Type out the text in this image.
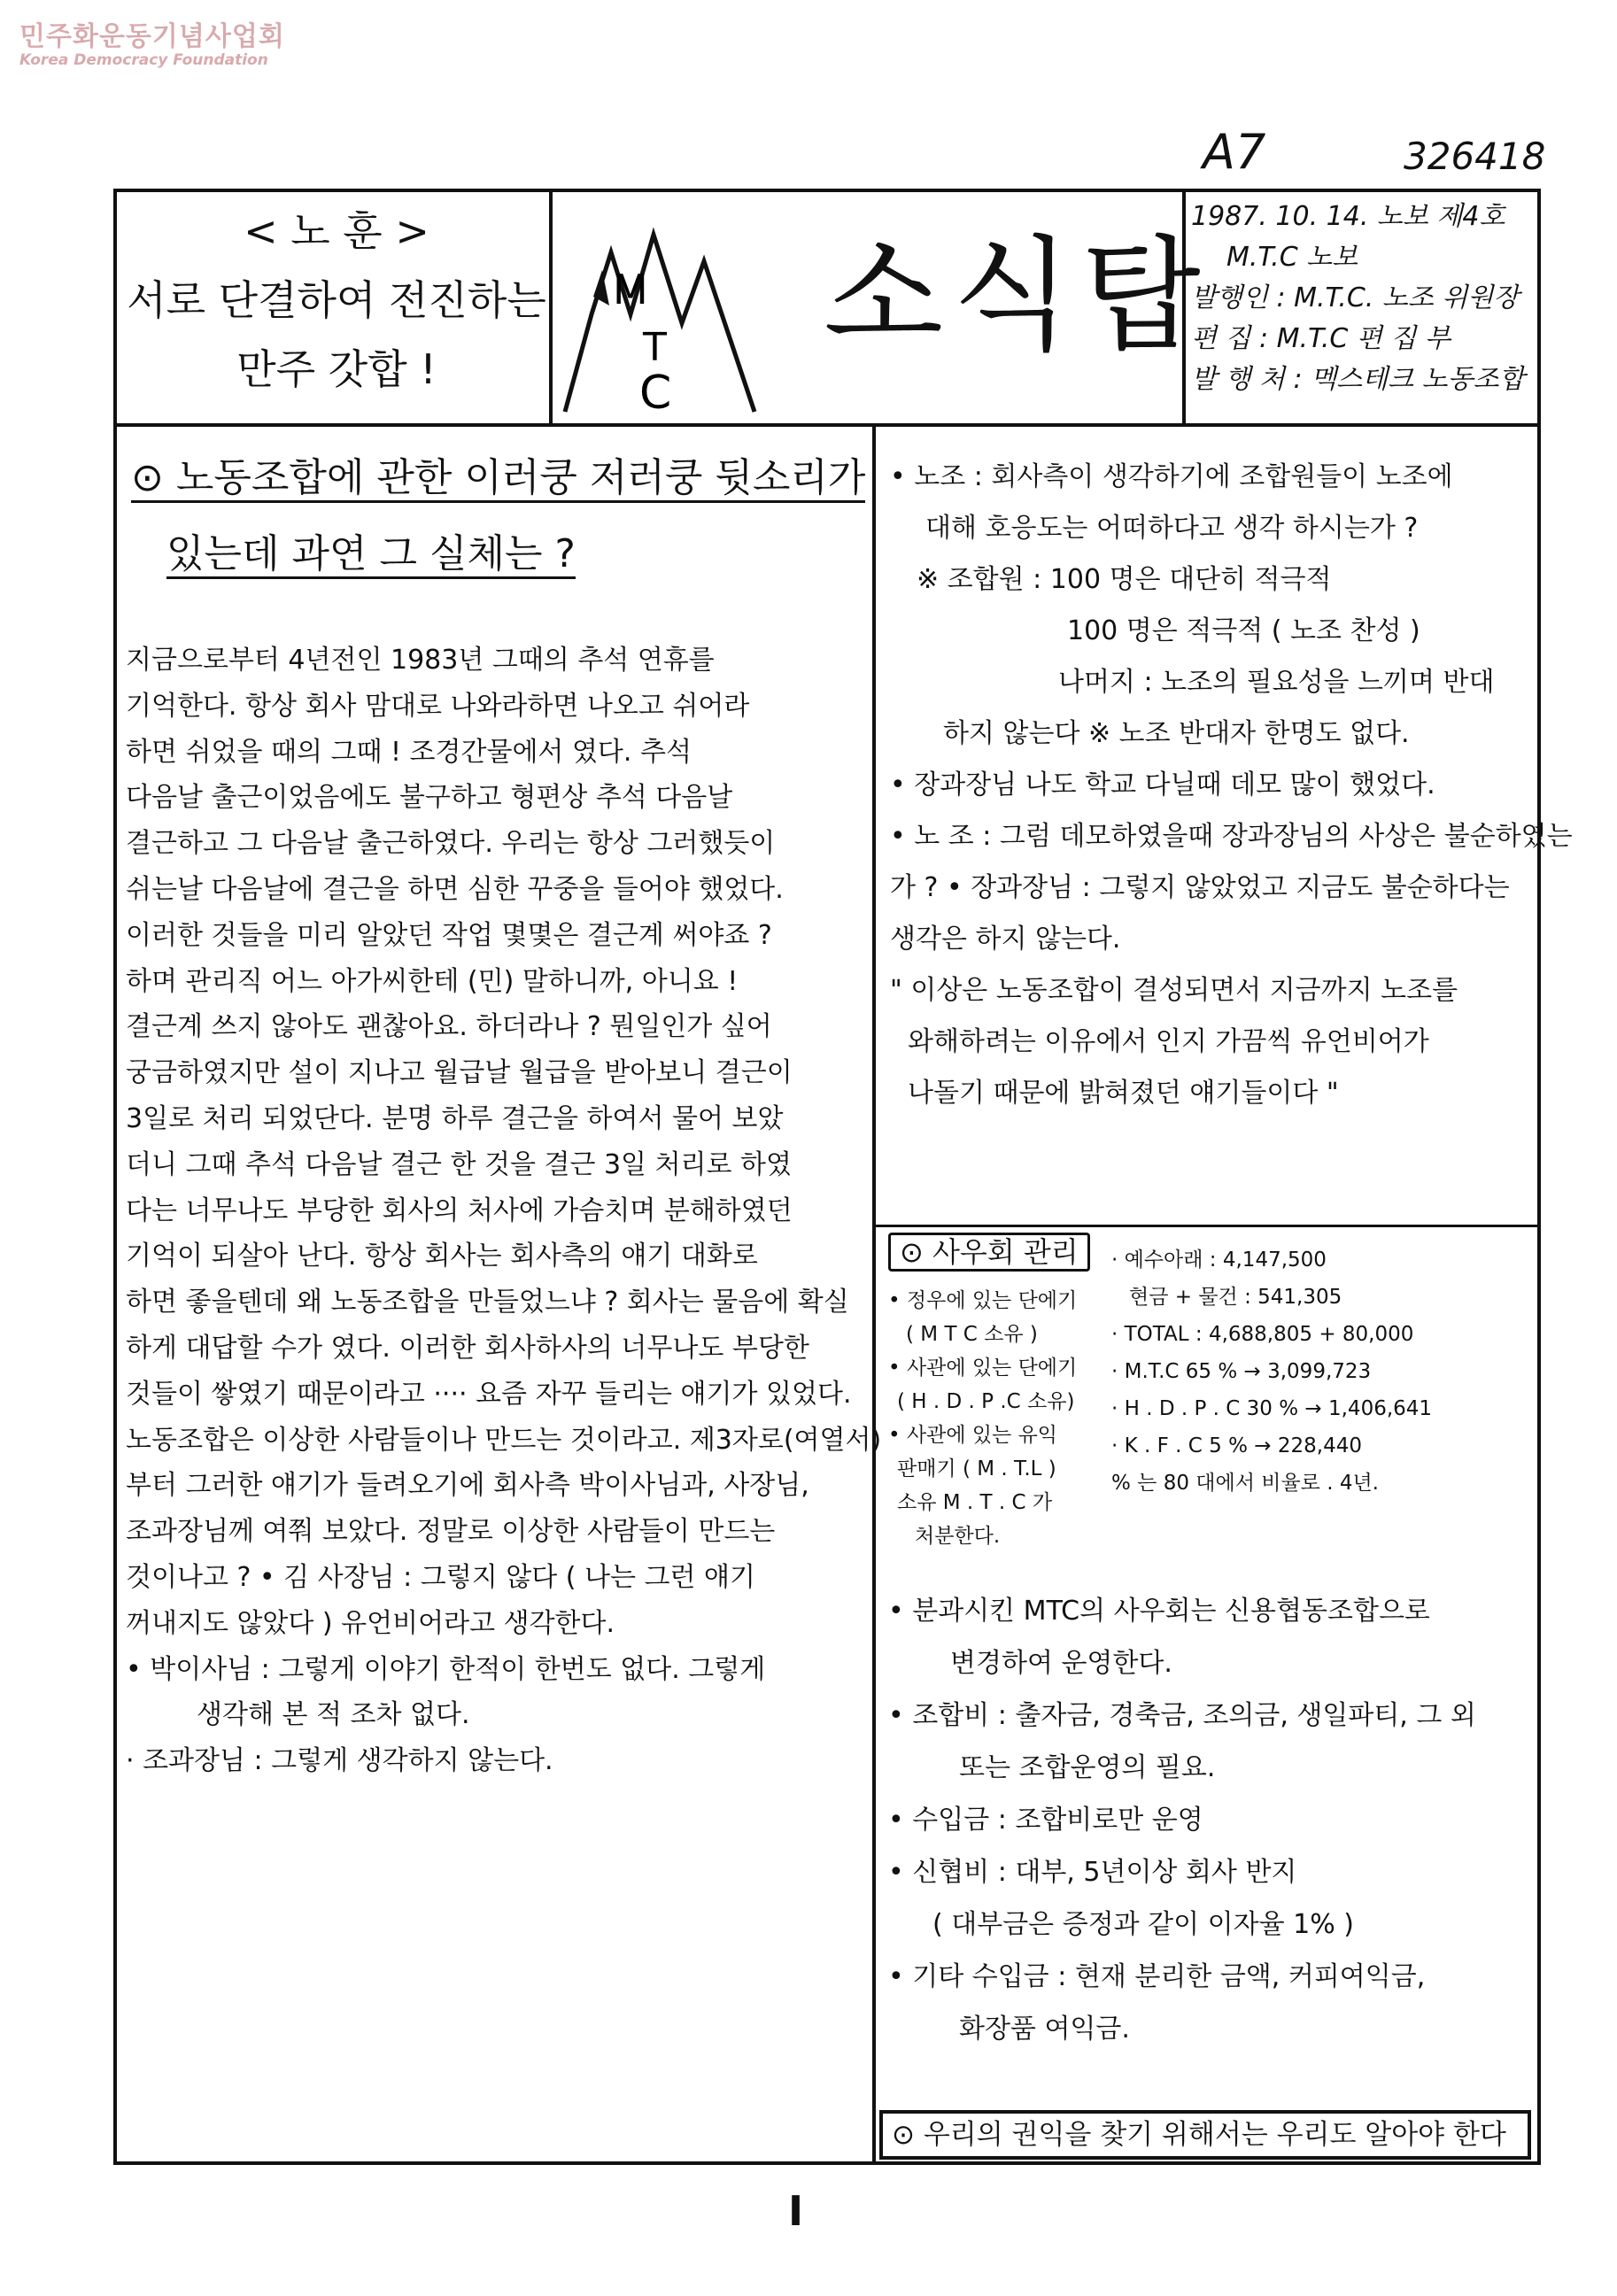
민주화운동기념사업회
Korea Democracy Foundation
A7	326418
< 노 훈 >
서로 단결하여 전진하는
만주 갓합 !
M
T
C
소식탑
1987. 10. 14. 노보 제4호
M.T.C 노보
발행인 : M.T.C. 노조 위원장
편 집 : M.T.C 편 집 부
발 행 처 : 멕스테크 노동조합
⊙ 노동조합에 관한 이러쿵 저러쿵 뒷소리가
있는데 과연 그 실체는 ?
지금으로부터 4년전인 1983년 그때의 추석 연휴를
기억한다. 항상 회사 맘대로 나와라하면 나오고 쉬어라
하면 쉬었을 때의 그때 ! 조경간물에서 였다. 추석
다음날 출근이었음에도 불구하고 형편상 추석 다음날
결근하고 그 다음날 출근하였다. 우리는 항상 그러했듯이
쉬는날 다음날에 결근을 하면 심한 꾸중을 들어야 했었다.
이러한 것들을 미리 알았던 작업 몇몇은 결근계 써야죠 ?
하며 관리직 어느 아가씨한테 (민) 말하니까, 아니요 !
결근계 쓰지 않아도 괜찮아요. 하더라나 ? 뭔일인가 싶어
궁금하였지만 설이 지나고 월급날 월급을 받아보니 결근이
3일로 처리 되었단다. 분명 하루 결근을 하여서 물어 보았
더니 그때 추석 다음날 결근 한 것을 결근 3일 처리로 하였
다는 너무나도 부당한 회사의 처사에 가슴치며 분해하였던
기억이 되살아 난다. 항상 회사는 회사측의 얘기 대화로
하면 좋을텐데 왜 노동조합을 만들었느냐 ? 회사는 물음에 확실
하게 대답할 수가 였다. 이러한 회사하사의 너무나도 부당한
것들이 쌓였기 때문이라고 ···· 요즘 자꾸 들리는 얘기가 있었다.
노동조합은 이상한 사람들이나 만드는 것이라고. 제3자로(여열서)
부터 그러한 얘기가 들려오기에 회사측 박이사님과, 사장님,
조과장님께 여쭤 보았다. 정말로 이상한 사람들이 만드는
것이나고 ? • 김 사장님 : 그렇지 않다 ( 나는 그런 얘기
꺼내지도 않았다 ) 유언비어라고 생각한다.
• 박이사님 : 그렇게 이야기 한적이 한번도 없다. 그렇게
생각해 본 적 조차 없다.
· 조과장님 : 그렇게 생각하지 않는다.
• 노조 : 회사측이 생각하기에 조합원들이 노조에
대해 호응도는 어떠하다고 생각 하시는가 ?
※ 조합원 : 100 명은 대단히 적극적
100 명은 적극적 ( 노조 찬성 )
나머지 : 노조의 필요성을 느끼며 반대
하지 않는다 ※ 노조 반대자 한명도 없다.
• 장과장님 나도 학교 다닐때 데모 많이 했었다.
• 노 조 : 그럼 데모하였을때 장과장님의 사상은 불순하였는
가 ? • 장과장님 : 그렇지 않았었고 지금도 불순하다는
생각은 하지 않는다.
" 이상은 노동조합이 결성되면서 지금까지 노조를
와해하려는 이유에서 인지 가끔씩 유언비어가
나돌기 때문에 밝혀졌던 얘기들이다 "
⊙ 사우회 관리
• 정우에 있는 단에기
( M T C 소유 )
• 사관에 있는 단에기
( H . D . P .C 소유)
• 사관에 있는 유익
판매기 ( M . T.L )
소유 M . T . C 가
처분한다.
· 예수아래 : 4,147,500
현금 + 물건 : 541,305
· TOTAL : 4,688,805 + 80,000
· M.T.C 65 % → 3,099,723
· H . D . P . C 30 % → 1,406,641
· K . F . C 5 % → 228,440
% 는 80 대에서 비율로 . 4년.
• 분과시킨 MTC의 사우회는 신용협동조합으로
변경하여 운영한다.
• 조합비 : 출자금, 경축금, 조의금, 생일파티, 그 외
또는 조합운영의 필요.
• 수입금 : 조합비로만 운영
• 신협비 : 대부, 5년이상 회사 반지
( 대부금은 증정과 같이 이자율 1% )
• 기타 수입금 : 현재 분리한 금액, 커피여익금,
화장품 여익금.
⊙ 우리의 권익을 찾기 위해서는 우리도 알아야 한다
I
